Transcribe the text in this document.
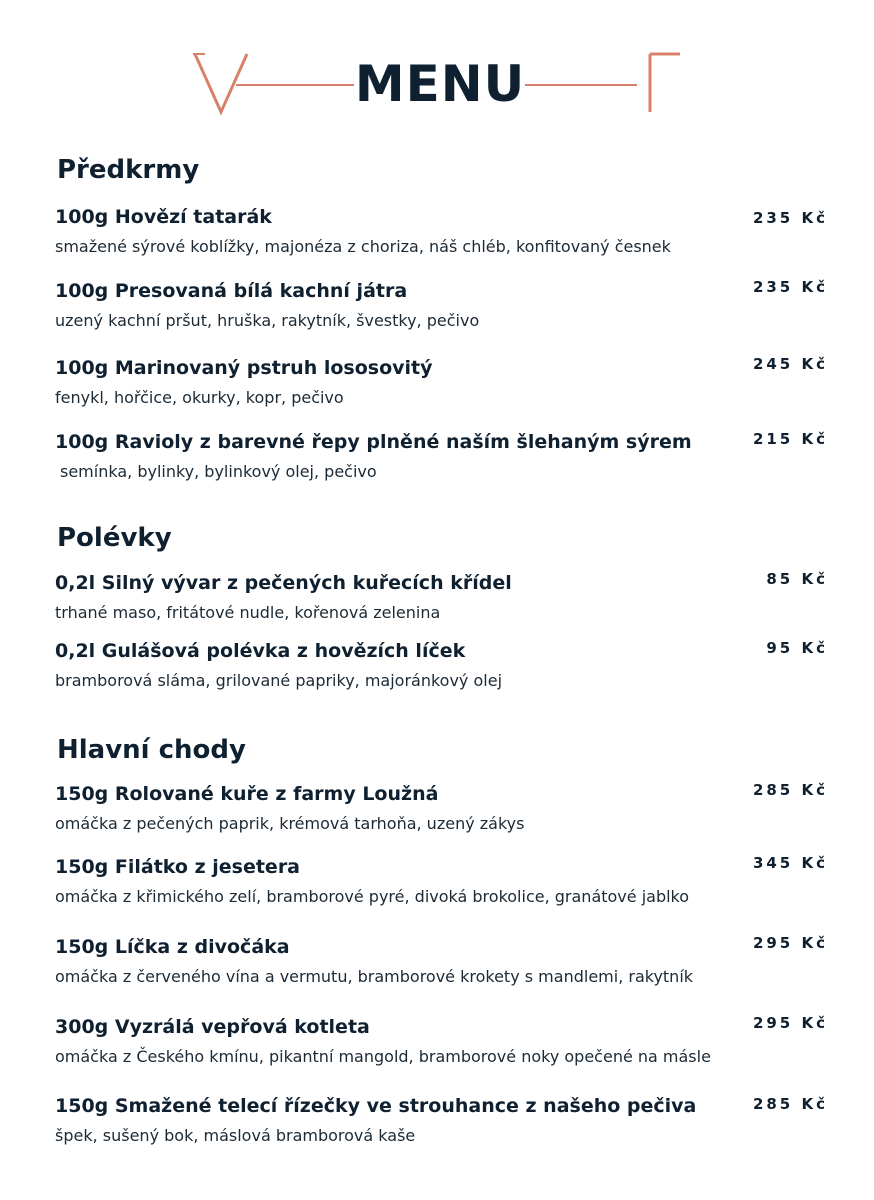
MENU
Předkrmy
100g Hovězí tatarák	235 Kč
smažené sýrové koblížky, majonéza z choriza, náš chléb, konfitovaný česnek
100g Presovaná bílá kachní játra	235 Kč
uzený kachní pršut, hruška, rakytník, švestky, pečivo
100g Marinovaný pstruh lososovitý	245 Kč
fenykl, hořčice, okurky, kopr, pečivo
100g Ravioly z barevné řepy plněné naším šlehaným sýrem	215 Kč
semínka, bylinky, bylinkový olej, pečivo
Polévky
0,2l Silný vývar z pečených kuřecích křídel	85 Kč
trhané maso, fritátové nudle, kořenová zelenina
0,2l Gulášová polévka z hovězích líček	95 Kč
bramborová sláma, grilované papriky, majoránkový olej
Hlavní chody
150g Rolované kuře z farmy Loužná	285 Kč
omáčka z pečených paprik, krémová tarhoňa, uzený zákys
150g Filátko z jesetera	345 Kč
omáčka z křimického zelí, bramborové pyré, divoká brokolice, granátové jablko
150g Líčka z divočáka	295 Kč
omáčka z červeného vína a vermutu, bramborové krokety s mandlemi, rakytník
300g Vyzrálá vepřová kotleta	295 Kč
omáčka z Českého kmínu, pikantní mangold, bramborové noky opečené na másle
150g Smažené telecí řízečky ve strouhance z našeho pečiva	285 Kč
špek, sušený bok, máslová bramborová kaše
